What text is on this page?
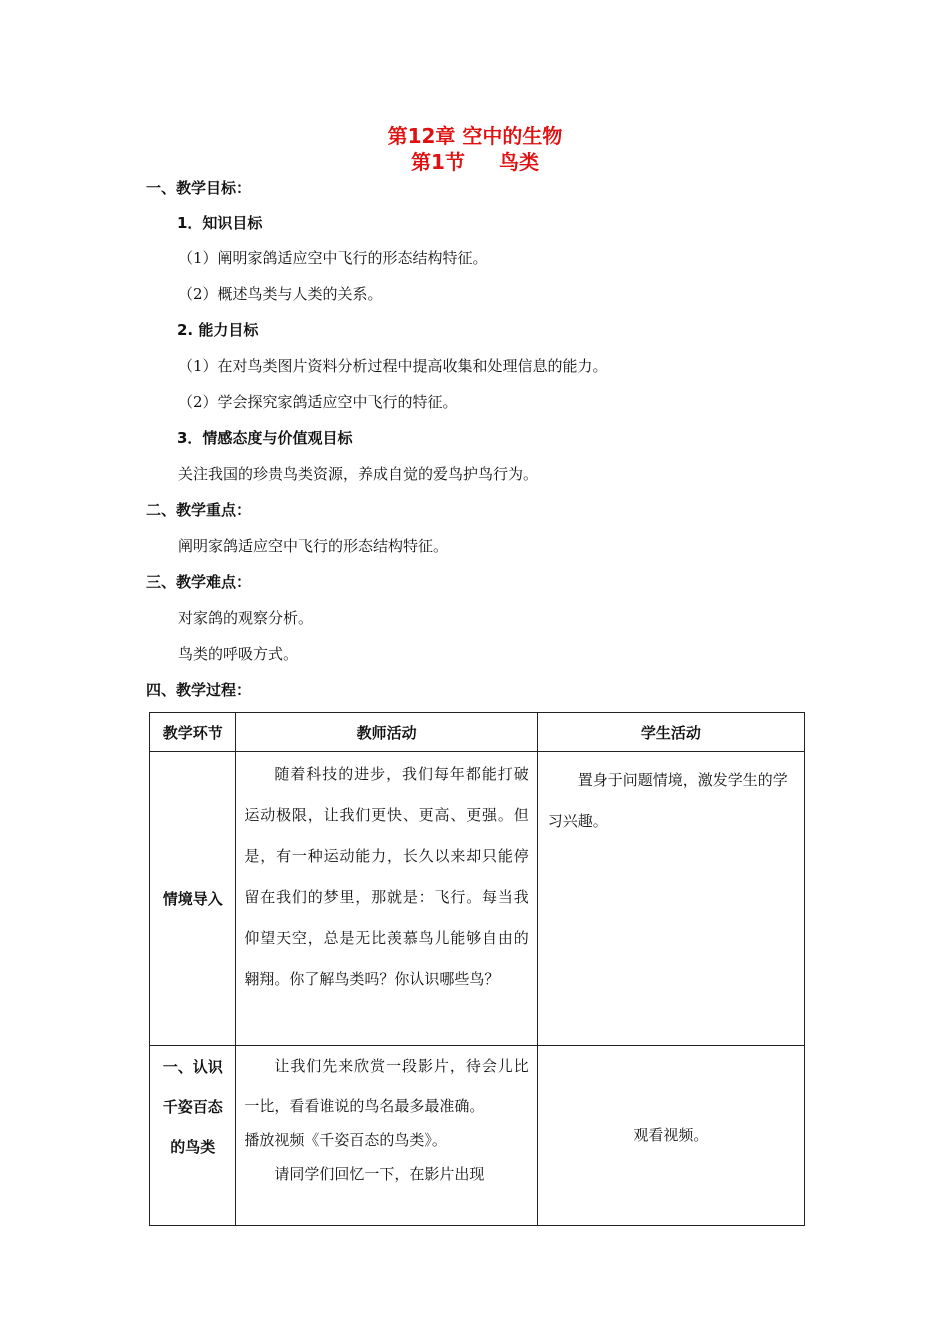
第12章 空中的生物
第1节 鸟类
一、教学目标：
1．知识目标
（1）阐明家鸽适应空中飞行的形态结构特征。
（2）概述鸟类与人类的关系。
2. 能力目标
（1）在对鸟类图片资料分析过程中提高收集和处理信息的能力。
（2）学会探究家鸽适应空中飞行的特征。
3．情感态度与价值观目标
关注我国的珍贵鸟类资源，养成自觉的爱鸟护鸟行为。
二、教学重点：
阐明家鸽适应空中飞行的形态结构特征。
三、教学难点：
对家鸽的观察分析。
鸟类的呼吸方式。
四、教学过程：
教学环节	教师活动	学生活动
情境导入	随着科技的进步，我们每年都能打破运动极限，让我们更快、更高、更强。但是，有一种运动能力，长久以来却只能停留在我们的梦里，那就是：飞行。每当我仰望天空，总是无比羡慕鸟儿能够自由的翱翔。你了解鸟类吗？你认识哪些鸟？	置身于问题情境，激发学生的学习兴趣。

一、认识千姿百态的鸟类	让我们先来欣赏一段影片，待会儿比一比，看看谁说的鸟名最多最准确。

播放视频《千姿百态的鸟类》。

请同学们回忆一下，在影片出现	观看视频。
